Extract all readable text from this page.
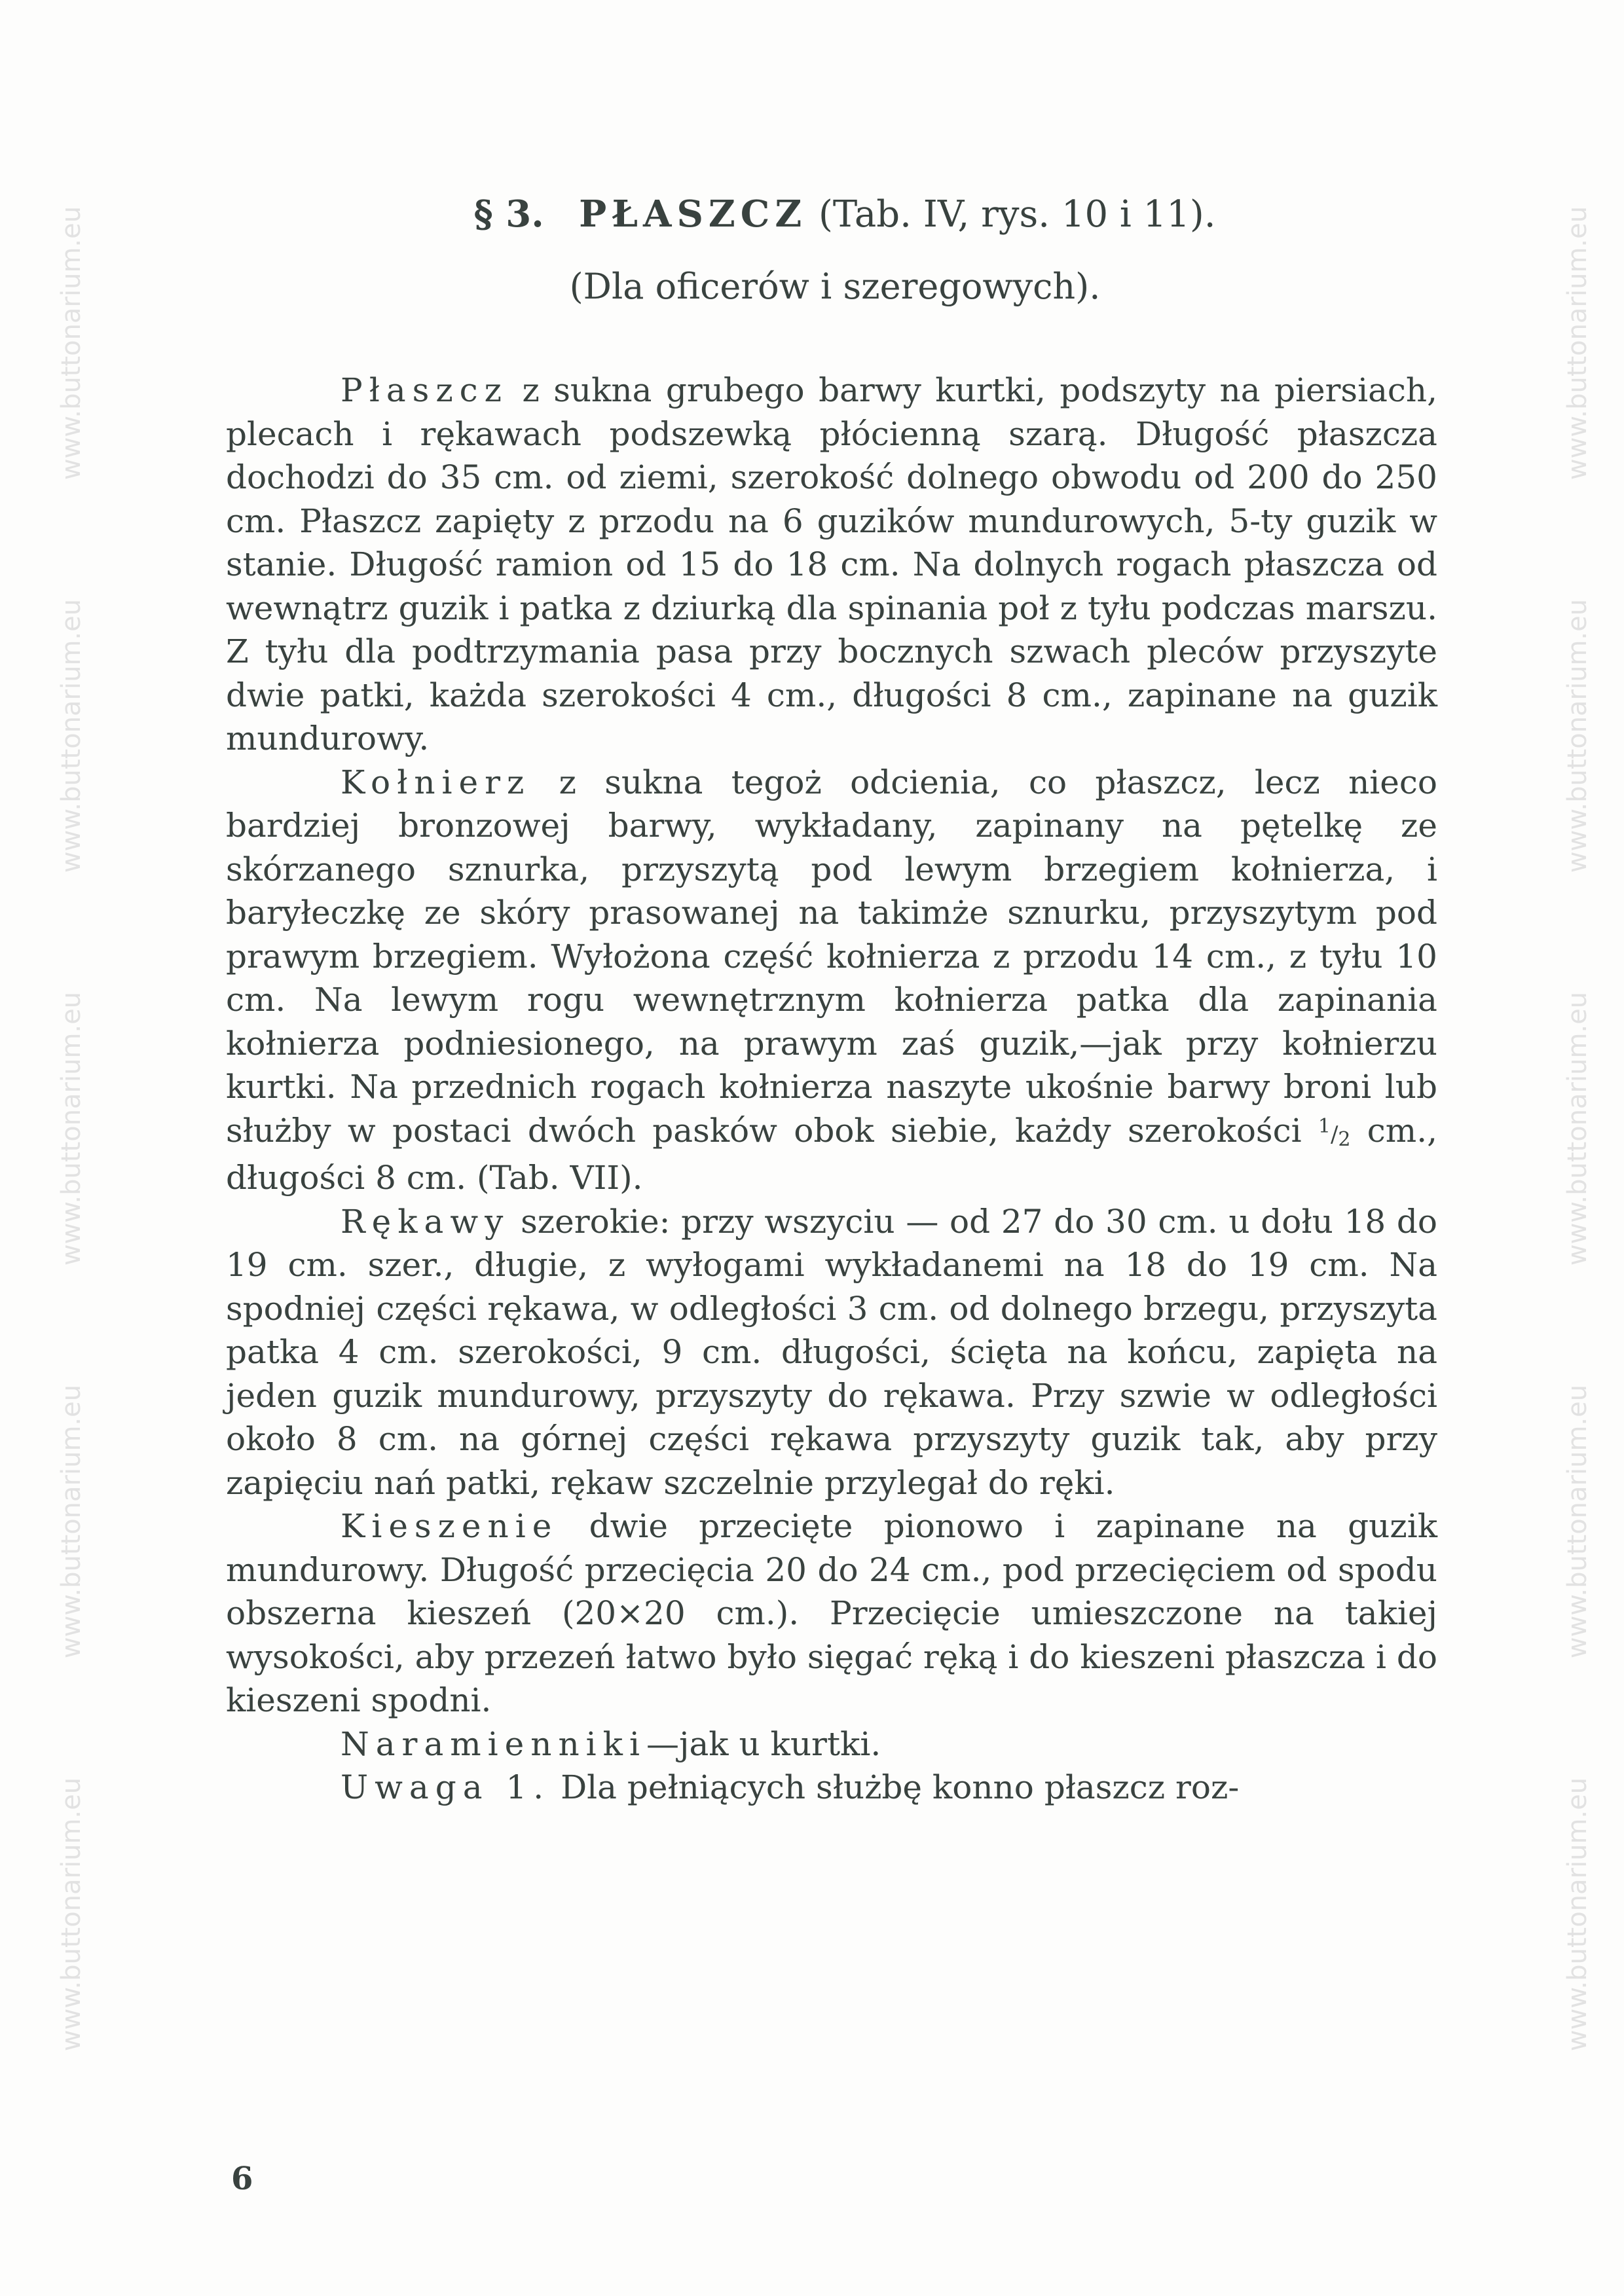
www.buttonarium.eu
www.buttonarium.eu
www.buttonarium.eu
www.buttonarium.eu
www.buttonarium.eu
www.buttonarium.eu
www.buttonarium.eu
www.buttonarium.eu
www.buttonarium.eu
www.buttonarium.eu
§ 3. PŁASZCZ (Tab. IV, rys. 10 i 11).

(Dla oficerów i szeregowych).

Płaszcz z sukna grubego barwy kurtki, podszyty na piersiach, plecach i rękawach podszewką płócienną szarą. Długość płaszcza dochodzi do 35 cm. od ziemi, szerokość dolnego obwodu od 200 do 250 cm. Płaszcz zapięty z przodu na 6 guzików mundurowych, 5-ty guzik w stanie. Długość ramion od 15 do 18 cm. Na dolnych rogach płaszcza od wewnątrz guzik i patka z dziurką dla spinania poł z tyłu podczas marszu. Z tyłu dla podtrzymania pasa przy bocznych szwach pleców przyszyte dwie patki, każda szerokości 4 cm., długości 8 cm., zapinane na guzik mundurowy.

Kołnierz z sukna tegoż odcienia, co płaszcz, lecz nieco bardziej bronzowej barwy, wykładany, zapinany na pętelkę ze skórzanego sznurka, przyszytą pod lewym brzegiem kołnierza, i baryłeczkę ze skóry prasowanej na takimże sznurku, przyszytym pod prawym brzegiem. Wyłożona część kołnierza z przodu 14 cm., z tyłu 10 cm. Na lewym rogu wewnętrznym kołnierza patka dla zapinania kołnierza podniesionego, na prawym zaś guzik,—jak przy kołnierzu kurtki. Na przednich rogach kołnierza naszyte ukośnie barwy broni lub służby w postaci dwóch pasków obok siebie, każdy szerokości $^1/_2$ cm., długości 8 cm. (Tab. VII).

Rękawy szerokie: przy wszyciu — od 27 do 30 cm. u dołu 18 do 19 cm. szer., długie, z wyłogami wykładanemi na 18 do 19 cm. Na spodniej części rękawa, w odległości 3 cm. od dolnego brzegu, przyszyta patka 4 cm. szerokości, 9 cm. długości, ścięta na końcu, zapięta na jeden guzik mundurowy, przyszyty do rękawa. Przy szwie w odległości około 8 cm. na górnej części rękawa przyszyty guzik tak, aby przy zapięciu nań patki, rękaw szczelnie przylegał do ręki.

Kieszenie dwie przecięte pionowo i zapinane na guzik mundurowy. Długość przecięcia 20 do 24 cm., pod przecięciem od spodu obszerna kieszeń (20×20 cm.). Przecięcie umieszczone na takiej wysokości, aby przezeń łatwo było sięgać ręką i do kieszeni płaszcza i do kieszeni spodni.

Naramienniki—jak u kurtki.

Uwaga 1. Dla pełniących służbę konno płaszcz roz-

6
